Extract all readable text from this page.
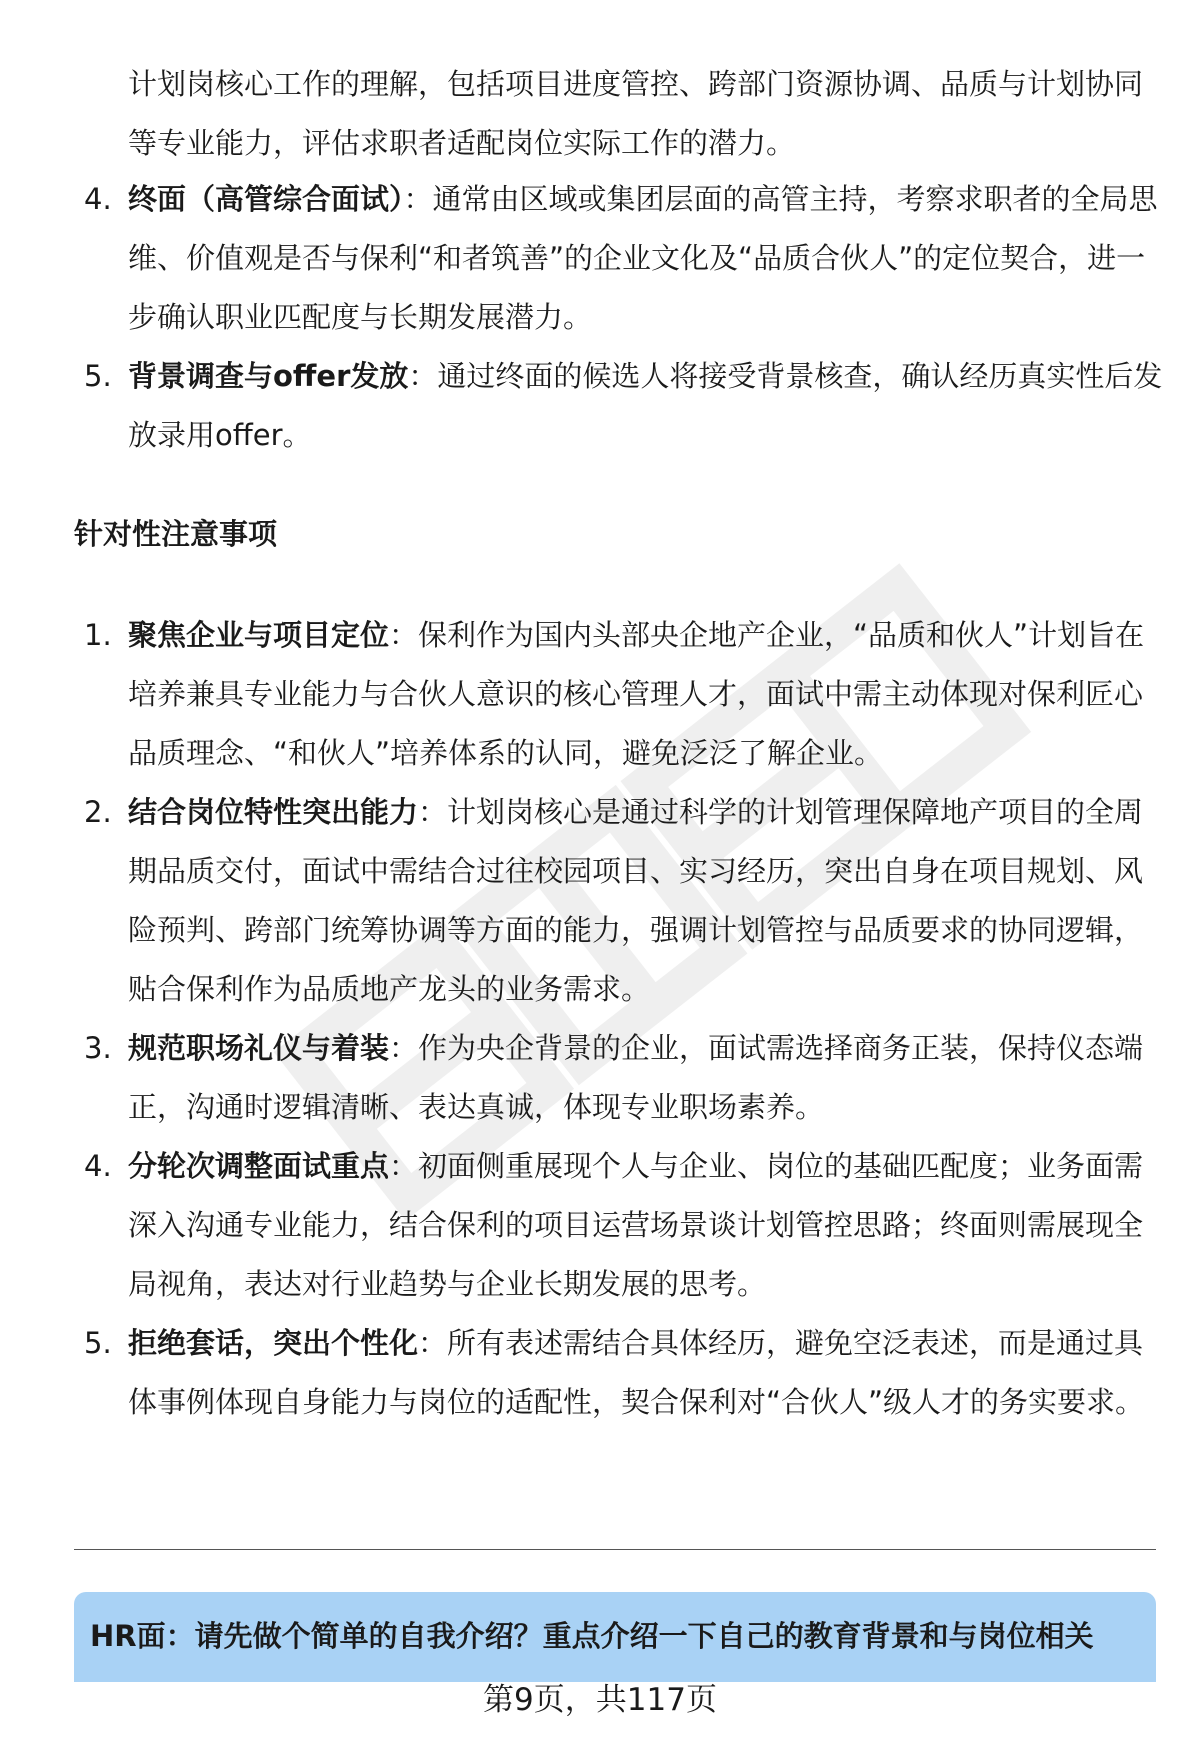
计划岗核心工作的理解，包括项目进度管控、跨部门资源协调、品质与计划协同等专业能力，评估求职者适配岗位实际工作的潜力。
4. 终面（高管综合面试）：通常由区域或集团层面的高管主持，考察求职者的全局思维、价值观是否与保利“和者筑善”的企业文化及“品质合伙人”的定位契合，进一步确认职业匹配度与长期发展潜力。
5. 背景调查与offer发放：通过终面的候选人将接受背景核查，确认经历真实性后发放录用offer。
针对性注意事项
1. 聚焦企业与项目定位：保利作为国内头部央企地产企业，“品质和伙人”计划旨在培养兼具专业能力与合伙人意识的核心管理人才，面试中需主动体现对保利匠心品质理念、“和伙人”培养体系的认同，避免泛泛了解企业。
2. 结合岗位特性突出能力：计划岗核心是通过科学的计划管理保障地产项目的全周期品质交付，面试中需结合过往校园项目、实习经历，突出自身在项目规划、风险预判、跨部门统筹协调等方面的能力，强调计划管控与品质要求的协同逻辑，贴合保利作为品质地产龙头的业务需求。
3. 规范职场礼仪与着装：作为央企背景的企业，面试需选择商务正装，保持仪态端正，沟通时逻辑清晰、表达真诚，体现专业职场素养。
4. 分轮次调整面试重点：初面侧重展现个人与企业、岗位的基础匹配度；业务面需深入沟通专业能力，结合保利的项目运营场景谈计划管控思路；终面则需展现全局视角，表达对行业趋势与企业长期发展的思考。
5. 拒绝套话，突出个性化：所有表述需结合具体经历，避免空泛表述，而是通过具体事例体现自身能力与岗位的适配性，契合保利对“合伙人”级人才的务实要求。
HR面：请先做个简单的自我介绍？重点介绍一下自己的教育背景和与岗位相关
第9页，共117页
